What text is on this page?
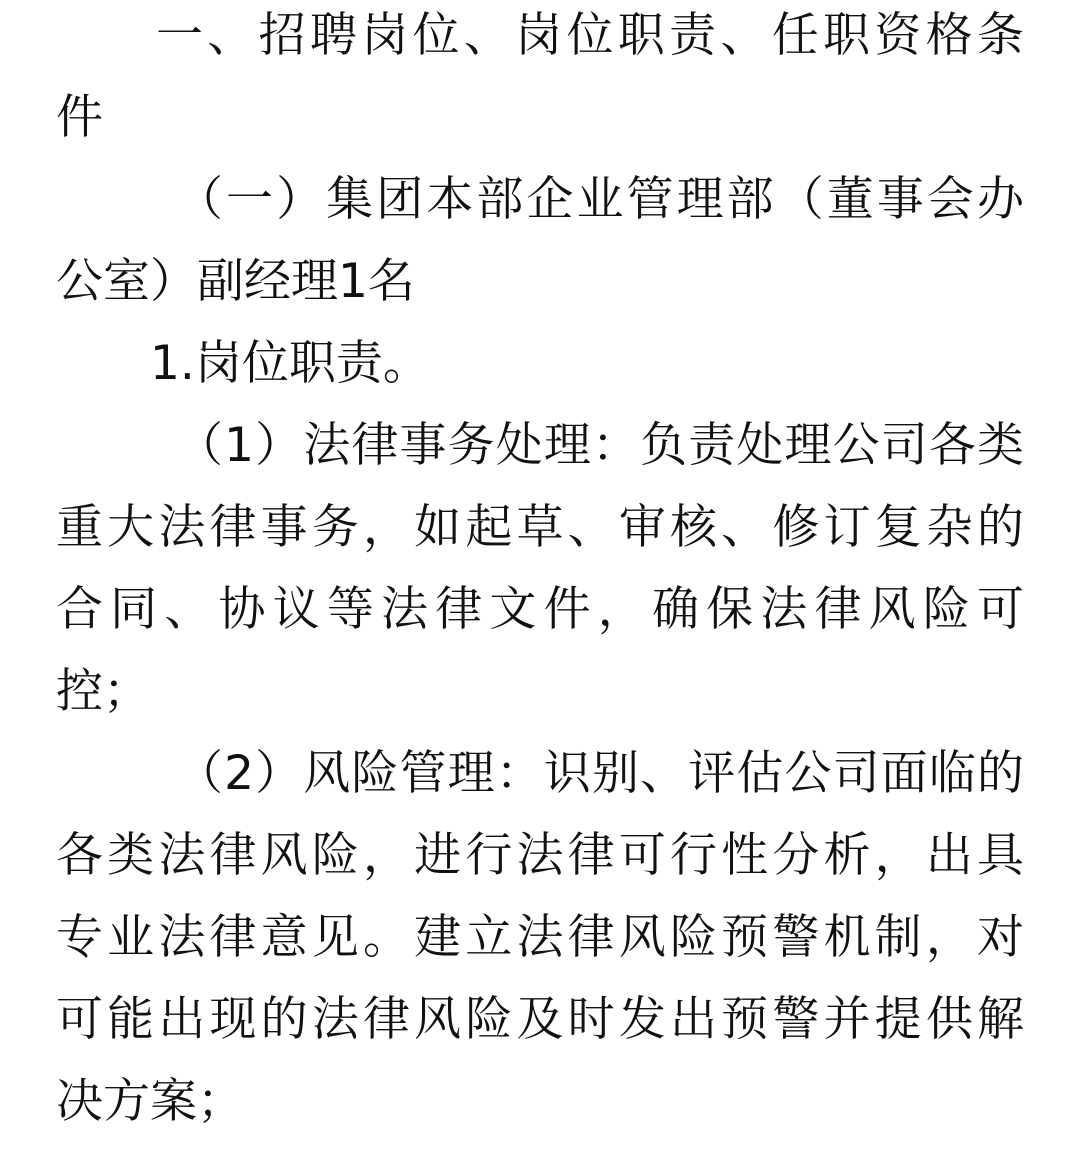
一、招聘岗位、岗位职责、任职资格条
件
（一）集团本部企业管理部（董事会办
公室）副经理1名
1.岗位职责。
（1）法律事务处理：负责处理公司各类
重大法律事务，如起草、审核、修订复杂的
合同、协议等法律文件，确保法律风险可
控；
（2）风险管理：识别、评估公司面临的
各类法律风险，进行法律可行性分析，出具
专业法律意见。建立法律风险预警机制，对
可能出现的法律风险及时发出预警并提供解
决方案；
